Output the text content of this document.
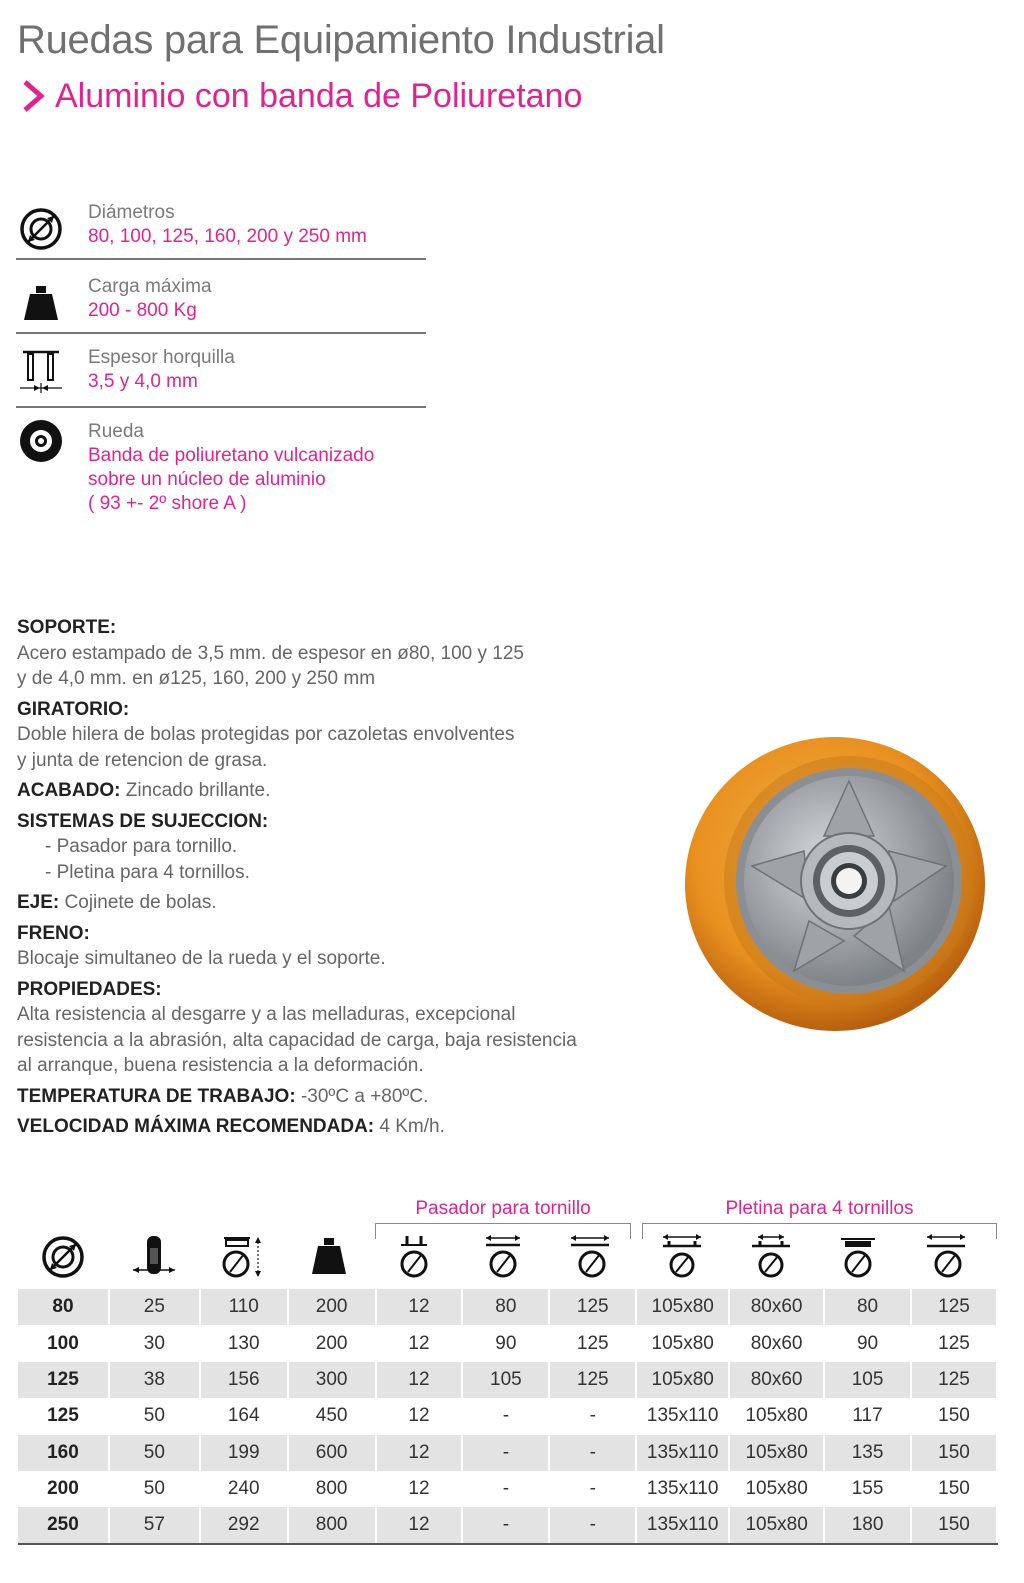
Ruedas para Equipamiento Industrial
Aluminio con banda de Poliuretano
Diámetros
80, 100, 125, 160, 200 y 250 mm
Carga máxima
200 - 800 Kg
Espesor horquilla
3,5 y 4,0 mm
Rueda
Banda de poliuretano vulcanizado
sobre un núcleo de aluminio
( 93 +- 2º shore A )

SOPORTE:

Acero estampado de 3,5 mm. de espesor en ø80, 100 y 125

y de 4,0 mm. en ø125, 160, 200 y 250 mm

GIRATORIO:

Doble hilera de bolas protegidas por cazoletas envolventes

y junta de retencion de grasa.

ACABADO: Zincado brillante.

SISTEMAS DE SUJECCION:

- Pasador para tornillo.

- Pletina para 4 tornillos.

EJE: Cojinete de bolas.

FRENO:

Blocaje simultaneo de la rueda y el soporte.

PROPIEDADES:

Alta resistencia al desgarre y a las melladuras, excepcional

resistencia a la abrasión, alta capacidad de carga, baja resistencia

al arranque, buena resistencia a la deformación.

TEMPERATURA DE TRABAJO: -30ºC a +80ºC.

VELOCIDAD MÁXIMA RECOMENDADA: 4 Km/h.

Pasador para tornillo	Pletina para 4 tornillos
80	25	110	200	12	80	125	105x80	80x60	80	125
100	30	130	200	12	90	125	105x80	80x60	90	125
125	38	156	300	12	105	125	105x80	80x60	105	125
125	50	164	450	12	-	-	135x110	105x80	117	150
160	50	199	600	12	-	-	135x110	105x80	135	150
200	50	240	800	12	-	-	135x110	105x80	155	150
250	57	292	800	12	-	-	135x110	105x80	180	150
